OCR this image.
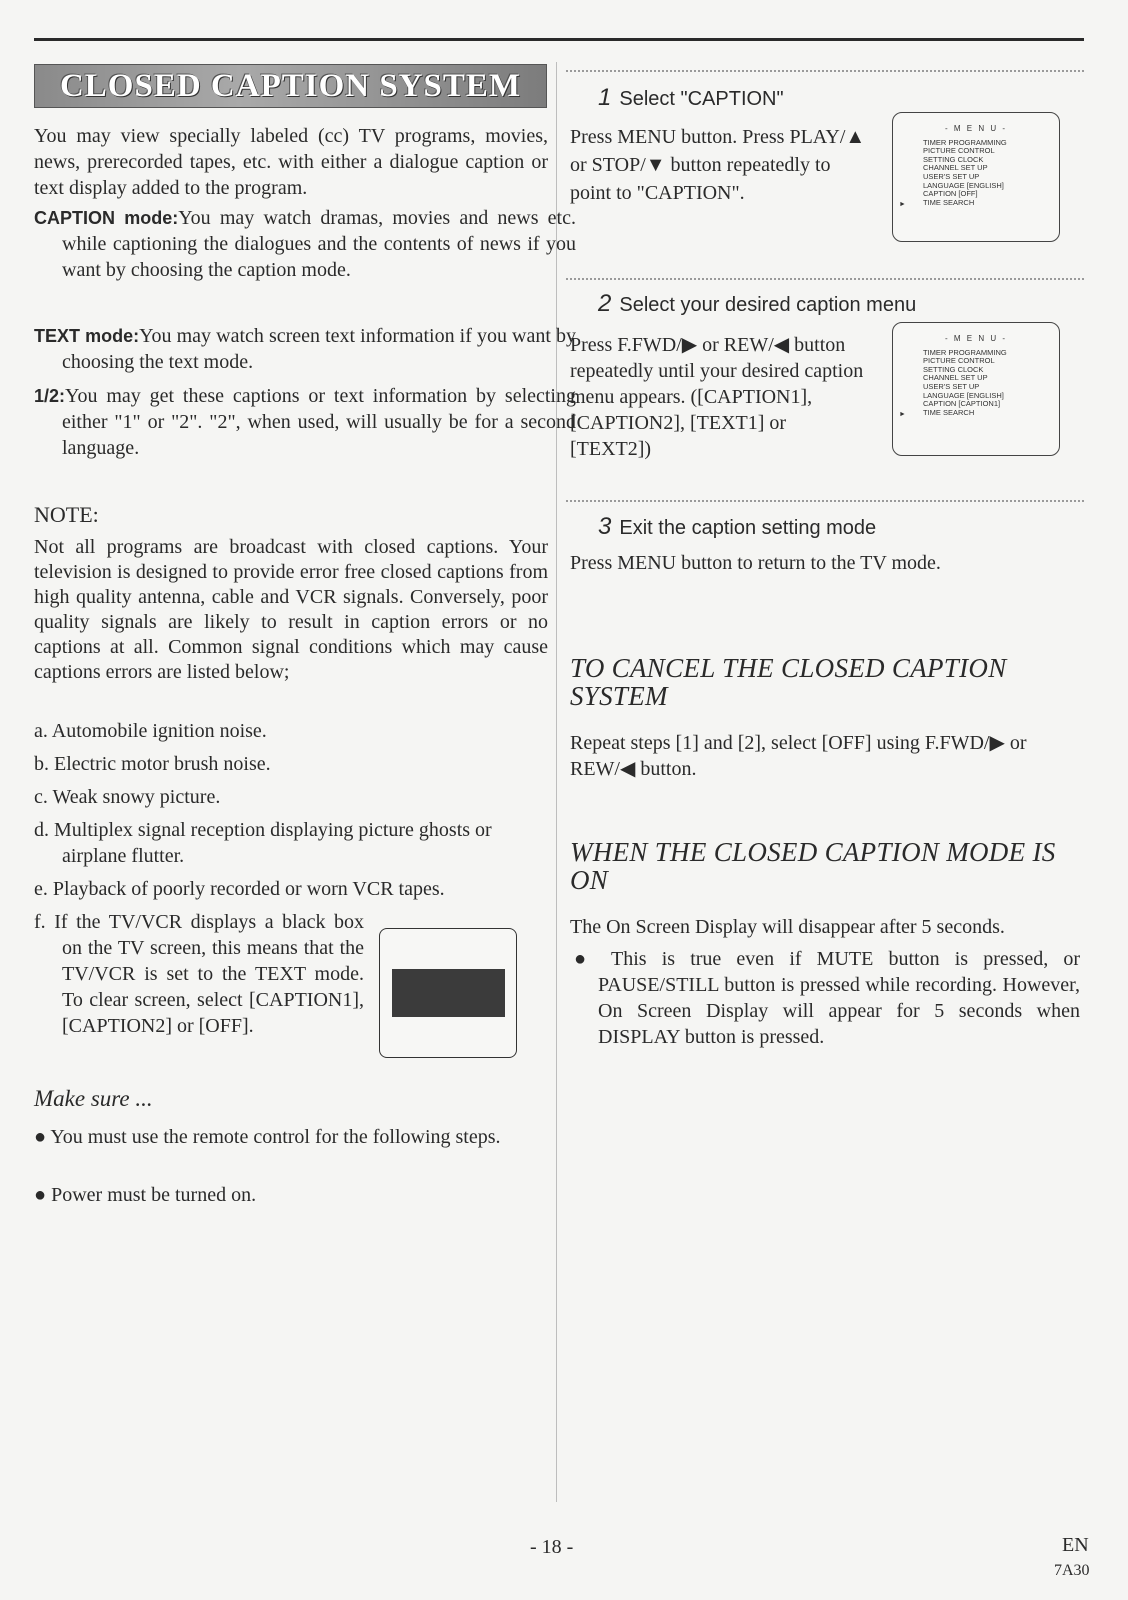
CLOSED CAPTION SYSTEM

You may view specially labeled (cc) TV programs, movies, news, prerecorded tapes, etc. with either a dialogue caption or text display added to the program.

CAPTION mode:You may watch dramas, movies and news etc. while captioning the dialogues and the contents of news if you want by choosing the caption mode.

TEXT mode:You may watch screen text information if you want by choosing the text mode.

1/2:You may get these captions or text information by selecting either "1" or "2". "2", when used, will usually be for a second language.

NOTE:

Not all programs are broadcast with closed captions. Your television is designed to provide error free closed captions from high quality antenna, cable and VCR signals. Conversely, poor quality signals are likely to result in caption errors or no captions at all. Common signal conditions which may cause captions errors are listed below;

a. Automobile ignition noise.
b. Electric motor brush noise.
c. Weak snowy picture.
d. Multiplex signal reception displaying picture ghosts or airplane flutter.
e. Playback of poorly recorded or worn VCR tapes.
f. If the TV/VCR displays a black box on the TV screen, this means that the TV/VCR is set to the TEXT mode. To clear screen, select [CAPTION1], [CAPTION2] or [OFF].
Make sure ...
● You must use the remote control for the following steps.
● Power must be turned on.
1 Select "CAPTION"

Press MENU button. Press PLAY/▲ or STOP/▼ button repeatedly to point to "CAPTION".

- M E N U -
TIMER PROGRAMMING
PICTURE CONTROL
SETTING CLOCK
CHANNEL SET UP
USER'S SET UP
LANGUAGE [ENGLISH]
CAPTION [OFF]
TIME SEARCH
►
2 Select your desired caption menu

Press F.FWD/▶ or REW/◀ button repeatedly until your desired caption menu appears. ([CAPTION1], [CAPTION2], [TEXT1] or [TEXT2])

- M E N U -
TIMER PROGRAMMING
PICTURE CONTROL
SETTING CLOCK
CHANNEL SET UP
USER'S SET UP
LANGUAGE [ENGLISH]
CAPTION [CAPTION1]
TIME SEARCH
►
3 Exit the caption setting mode

Press MENU button to return to the TV mode.

TO CANCEL THE CLOSED CAPTION SYSTEM

Repeat steps [1] and [2], select [OFF] using F.FWD/▶ or REW/◀ button.

WHEN THE CLOSED CAPTION MODE IS ON

The On Screen Display will disappear after 5 seconds.

● This is true even if MUTE button is pressed, or PAUSE/STILL button is pressed while recording. However, On Screen Display will appear for 5 seconds when DISPLAY button is pressed.
- 18 -	EN
7A30
